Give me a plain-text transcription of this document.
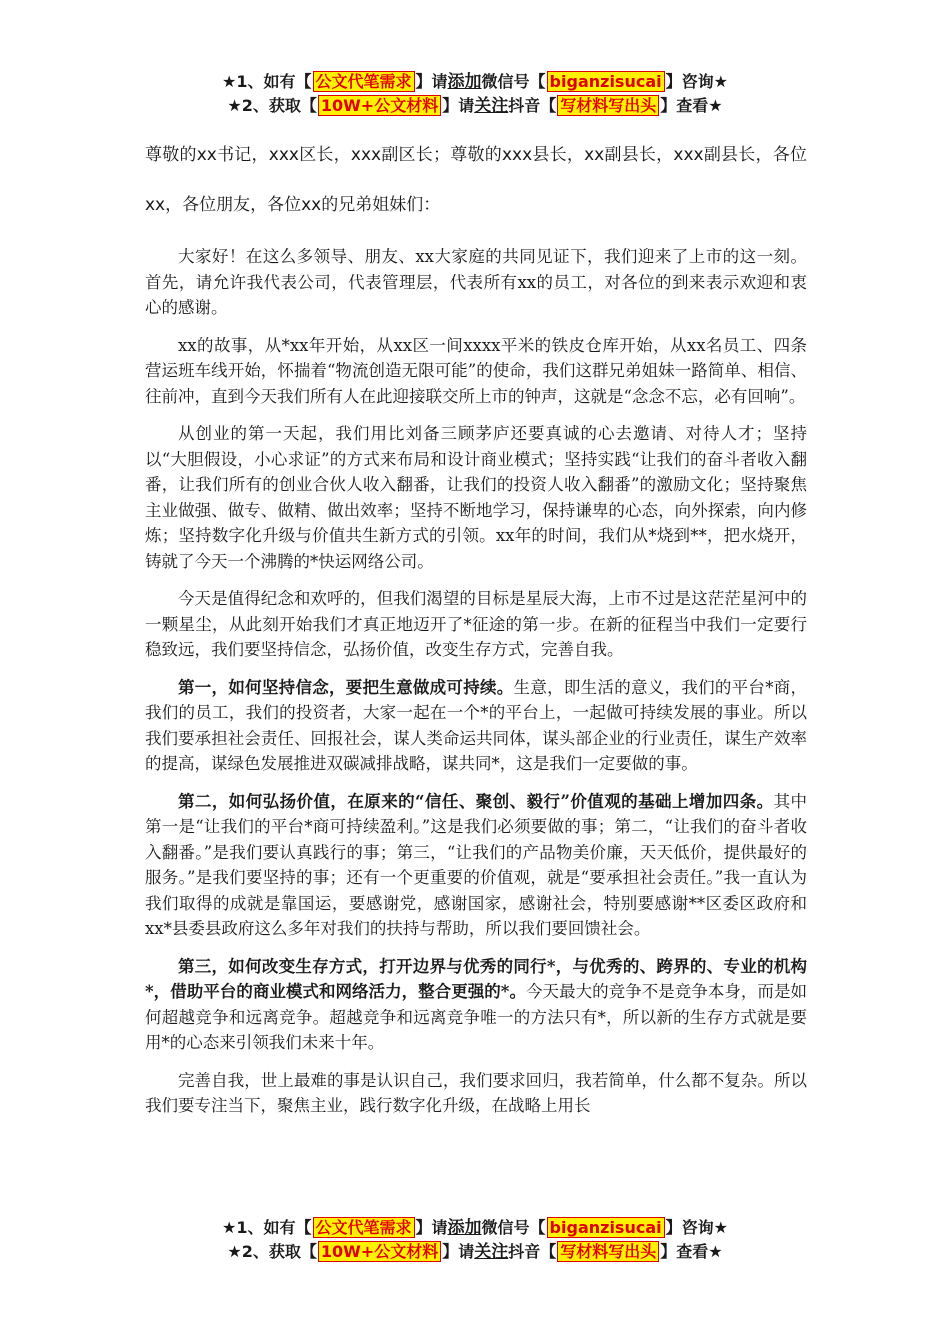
★1、如有【 公文代笔需求 】请添加微信号【 biganzisucai 】咨询★
★2、获取【 10W+公文材料 】请关注抖音【 写材料写出头 】查看★

尊敬的xx书记，xxx区长，xxx副区长；尊敬的xxx县长，xx副县长，xxx副县长，各位xx，各位朋友，各位xx的兄弟姐妹们：

大家好！在这么多领导、朋友、xx大家庭的共同见证下，我们迎来了上市的这一刻。首先，请允许我代表公司，代表管理层，代表所有xx的员工，对各位的到来表示欢迎和衷心的感谢。

xx的故事，从*xx年开始，从xx区一间xxxx平米的铁皮仓库开始，从xx名员工、四条营运班车线开始，怀揣着“物流创造无限可能”的使命，我们这群兄弟姐妹一路简单、相信、往前冲，直到今天我们所有人在此迎接联交所上市的钟声，这就是“念念不忘，必有回响”。

从创业的第一天起，我们用比刘备三顾茅庐还要真诚的心去邀请、对待人才；坚持以“大胆假设，小心求证”的方式来布局和设计商业模式；坚持实践“让我们的奋斗者收入翻番，让我们所有的创业合伙人收入翻番，让我们的投资人收入翻番”的激励文化；坚持聚焦主业做强、做专、做精、做出效率；坚持不断地学习，保持谦卑的心态，向外探索，向内修炼；坚持数字化升级与价值共生新方式的引领。xx年的时间，我们从*烧到**，把水烧开，铸就了今天一个沸腾的*快运网络公司。

今天是值得纪念和欢呼的，但我们渴望的目标是星辰大海，上市不过是这茫茫星河中的一颗星尘，从此刻开始我们才真正地迈开了*征途的第一步。在新的征程当中我们一定要行稳致远，我们要坚持信念，弘扬价值，改变生存方式，完善自我。

第一，如何坚持信念，要把生意做成可持续。生意，即生活的意义，我们的平台*商，我们的员工，我们的投资者，大家一起在一个*的平台上，一起做可持续发展的事业。所以我们要承担社会责任、回报社会，谋人类命运共同体，谋头部企业的行业责任，谋生产效率的提高，谋绿色发展推进双碳减排战略，谋共同*，这是我们一定要做的事。

第二，如何弘扬价值，在原来的“信任、聚创、毅行”价值观的基础上增加四条。其中第一是“让我们的平台*商可持续盈利。”这是我们必须要做的事；第二，“让我们的奋斗者收入翻番。”是我们要认真践行的事；第三，“让我们的产品物美价廉，天天低价，提供最好的服务。”是我们要坚持的事；还有一个更重要的价值观，就是“要承担社会责任。”我一直认为我们取得的成就是靠国运，要感谢党，感谢国家，感谢社会，特别要感谢**区委区政府和xx*县委县政府这么多年对我们的扶持与帮助，所以我们要回馈社会。

第三，如何改变生存方式，打开边界与优秀的同行*，与优秀的、跨界的、专业的机构*，借助平台的商业模式和网络活力，整合更强的*。今天最大的竞争不是竞争本身，而是如何超越竞争和远离竞争。超越竞争和远离竞争唯一的方法只有*，所以新的生存方式就是要用*的心态来引领我们未来十年。

完善自我，世上最难的事是认识自己，我们要求回归，我若简单，什么都不复杂。所以我们要专注当下，聚焦主业，践行数字化升级，在战略上用长

★1、如有【 公文代笔需求 】请添加微信号【 biganzisucai 】咨询★
★2、获取【 10W+公文材料 】请关注抖音【 写材料写出头 】查看★
